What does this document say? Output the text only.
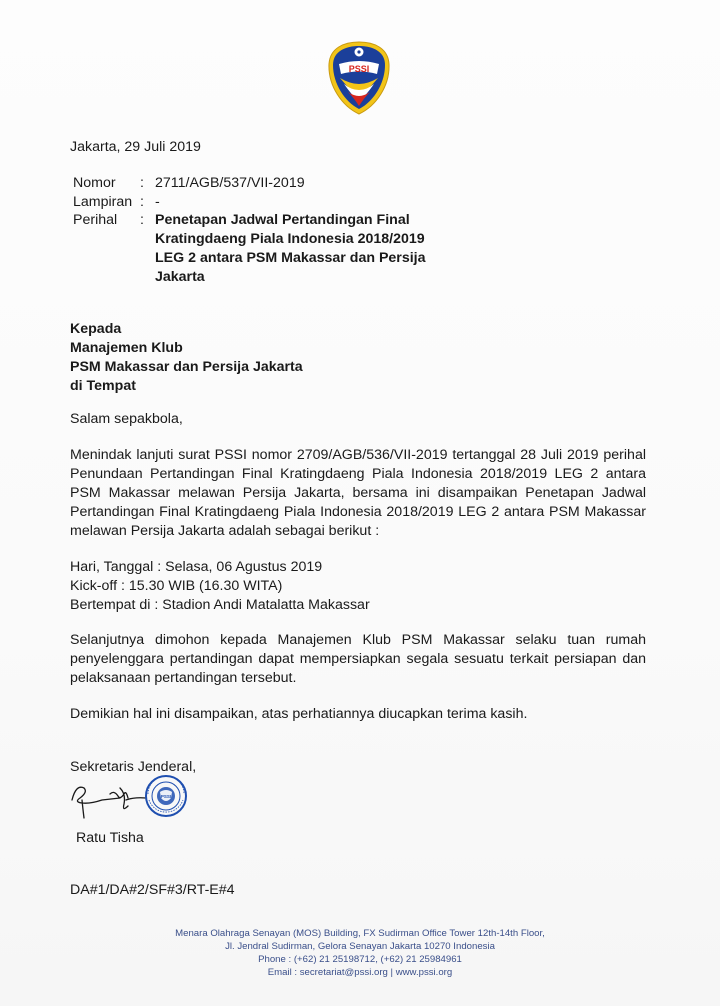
PSSI
Jakarta, 29 Juli 2019
Nomor : 2711/AGB/537/VII-2019
Lampiran : -
Perihal : Penetapan Jadwal Pertandingan Final
Kratingdaeng Piala Indonesia 2018/2019
LEG 2 antara PSM Makassar dan Persija
Jakarta
Kepada
Manajemen Klub
PSM Makassar dan Persija Jakarta
di Tempat
Salam sepakbola,
Menindak lanjuti surat PSSI nomor 2709/AGB/536/VII-2019 tertanggal 28 Juli 2019 perihal
Penundaan Pertandingan Final Kratingdaeng Piala Indonesia 2018/2019 LEG 2 antara
PSM Makassar melawan Persija Jakarta, bersama ini disampaikan Penetapan Jadwal
Pertandingan Final Kratingdaeng Piala Indonesia 2018/2019 LEG 2 antara PSM Makassar
melawan Persija Jakarta adalah sebagai berikut :
Hari, Tanggal : Selasa, 06 Agustus 2019
Kick-off : 15.30 WIB (16.30 WITA)
Bertempat di : Stadion Andi Matalatta Makassar
Selanjutnya dimohon kepada Manajemen Klub PSM Makassar selaku tuan rumah
penyelenggara pertandingan dapat mempersiapkan segala sesuatu terkait persiapan dan
pelaksanaan pertandingan tersebut.
Demikian hal ini disampaikan, atas perhatiannya diucapkan terima kasih.
Sekretaris Jenderal,
PSSI
Ratu Tisha
DA#1/DA#2/SF#3/RT-E#4
Menara Olahraga Senayan (MOS) Building, FX Sudirman Office Tower 12th-14th Floor,
Jl. Jendral Sudirman, Gelora Senayan Jakarta 10270 Indonesia
Phone : (+62) 21 25198712, (+62) 21 25984961
Email : secretariat@pssi.org | www.pssi.org
